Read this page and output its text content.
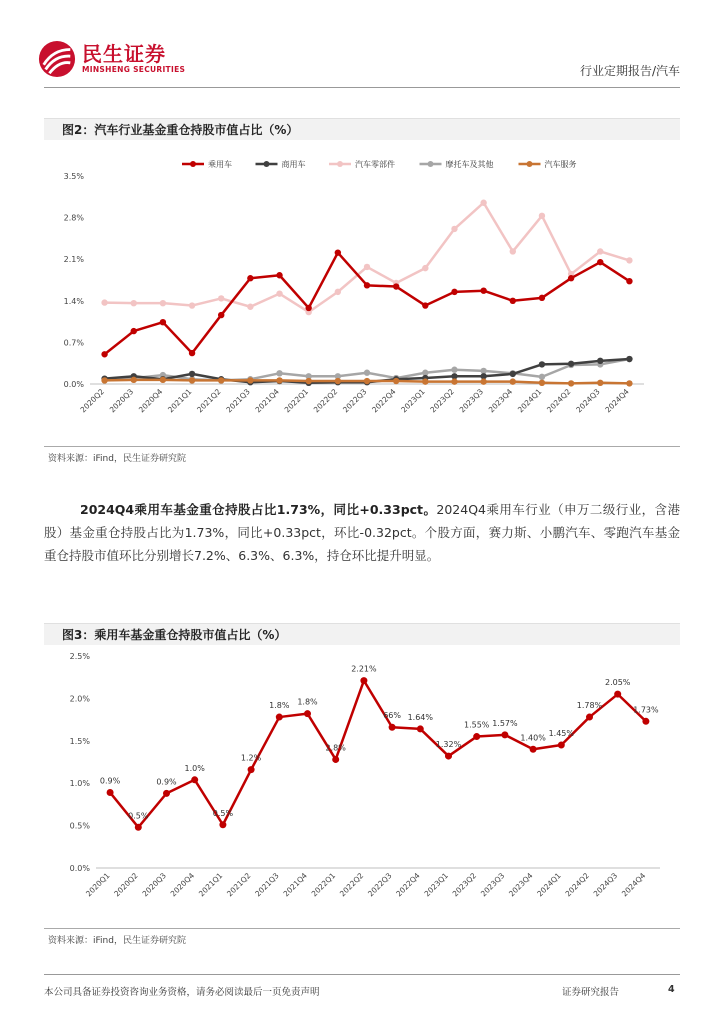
民生证券
MINSHENG SECURITIES	行业定期报告/汽车
图2：汽车行业基金重仓持股市值占比（%）
0.0%
0.7%
1.4%
2.1%
2.8%
3.5%
2020Q2 2020Q3 2020Q4 2021Q1 2021Q2 2021Q3 2021Q4 2022Q1 2022Q2 2022Q3 2022Q4 2023Q1 2023Q2 2023Q3 2023Q4 2024Q1 2024Q2 2024Q3 2024Q4
乘用车	商用车	汽车零部件	摩托车及其他	汽车服务
资料来源：iFind，民生证券研究院
2024Q4乘用车基金重仓持股占比1.73%，同比+0.33pct。2024Q4乘用车行业（申万二级行业，含港股）基金重仓持股占比为1.73%，同比+0.33pct，环比-0.32pct。个股方面，赛力斯、小鹏汽车、零跑汽车基金重仓持股市值环比分别增长7.2%、6.3%、6.3%，持仓环比提升明显。
图3：乘用车基金重仓持股市值占比（%）
0.0%
0.5%
1.0%
1.5%
2.0%
2.5%
2020Q1 2020Q2 2020Q3 2020Q4 2021Q1 2021Q2 2021Q3 2021Q4 2022Q1 2022Q2 2022Q3 2022Q4 2023Q1 2023Q2 2023Q3 2023Q4 2024Q1 2024Q2 2024Q3 2024Q4
0.9%
0.5%
0.9%
1.0%
0.5%
1.2%
1.8% 1.8%
2.8%
2.21%
66% 1.64%
1.32%
1.55% 1.57%
1.40% 1.45%
1.78%
2.05%
1.73%
资料来源：iFind，民生证券研究院
本公司具备证券投资咨询业务资格，请务必阅读最后一页免责声明	证券研究报告	4
